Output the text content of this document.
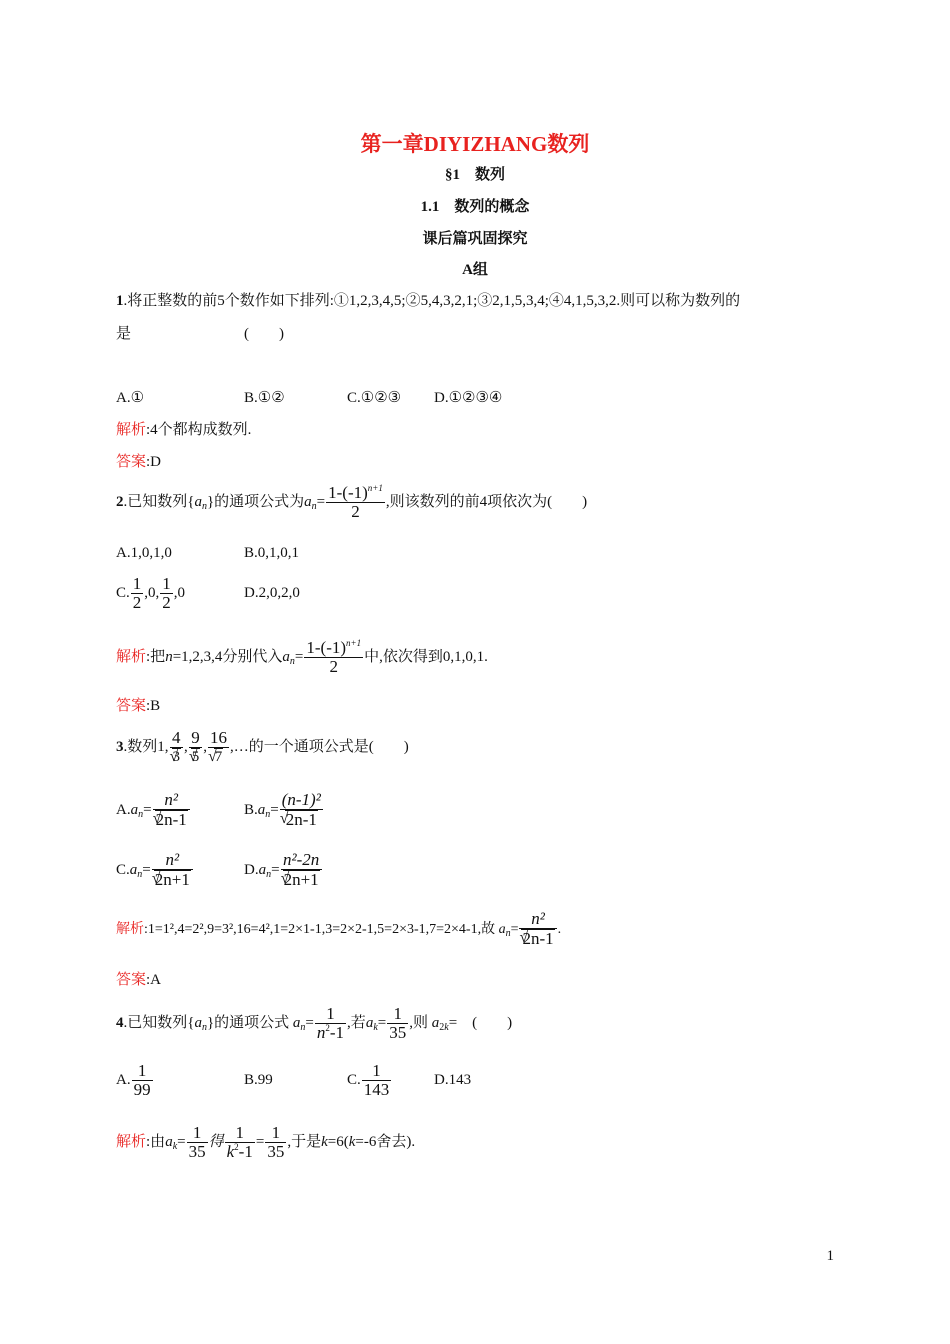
第一章DIYIZHANG数列
§1　数列
1.1　数列的概念
课后篇巩固探究
A组
1.将正整数的前5个数作如下排列:①1,2,3,4,5;②5,4,3,2,1;③2,1,5,3,4;④4,1,5,3,2.则可以称为数列的
是	(　　)
A.①	B.①②	C.①②③ D.①②③④
解析:4个都构成数列.
答案:D
2.已知数列$\{a_n\}$的通项公式为$a_n= \frac{1-(-1)^{n+1}}{2}$ ,则该数列的前4项依次为(　　)
A.1,0,1,0	B.0,1,0,1
C. $\frac{1}{2} ,0$, $\frac{1}{2} ,0$	D.2,0,2,0
解析:把n=1,2,3,4分别代入$a_n= \frac{1-(-1)^{n+1}}{2}$ 中,依次得到0,1,0,1.
答案:B
3.数列1, 4
√ 3 , 9
√ 5 , 16
√ 7 ,…的一个通项公式是(　　)
$A.a_n= n^2$
√ 2n-1	$B.a_n= (n-1)^2$
√ 2n-1
$C.a_n= n^2$
√ 2n+1	$D.a_n= n^2-2n$
√ 2n+1
解析:1=1²,4=2²,9=3²,16=4²,1=2×1-1,3=2×2-1,5=2×3-1,7=2×4-1,故 $a_n=$
n²
√ 2n-1 .
答案:A
4.已知数列$\{a_n\}$的通项公式 $a_n= \frac{1}{n^2-1}$ ,若$a_k= \frac{1}{35}$ ,则 $a_{2k}=$　(　　)
A. $\frac{1}{99}$	B.99	C. $\frac{1}{143}$	D.143
解析:由$a_k= \frac{1}{35}$ 得 $\frac{1}{k^2-1} = \frac{1}{35}$ ,于是k=6(k=-6舍去).
1
